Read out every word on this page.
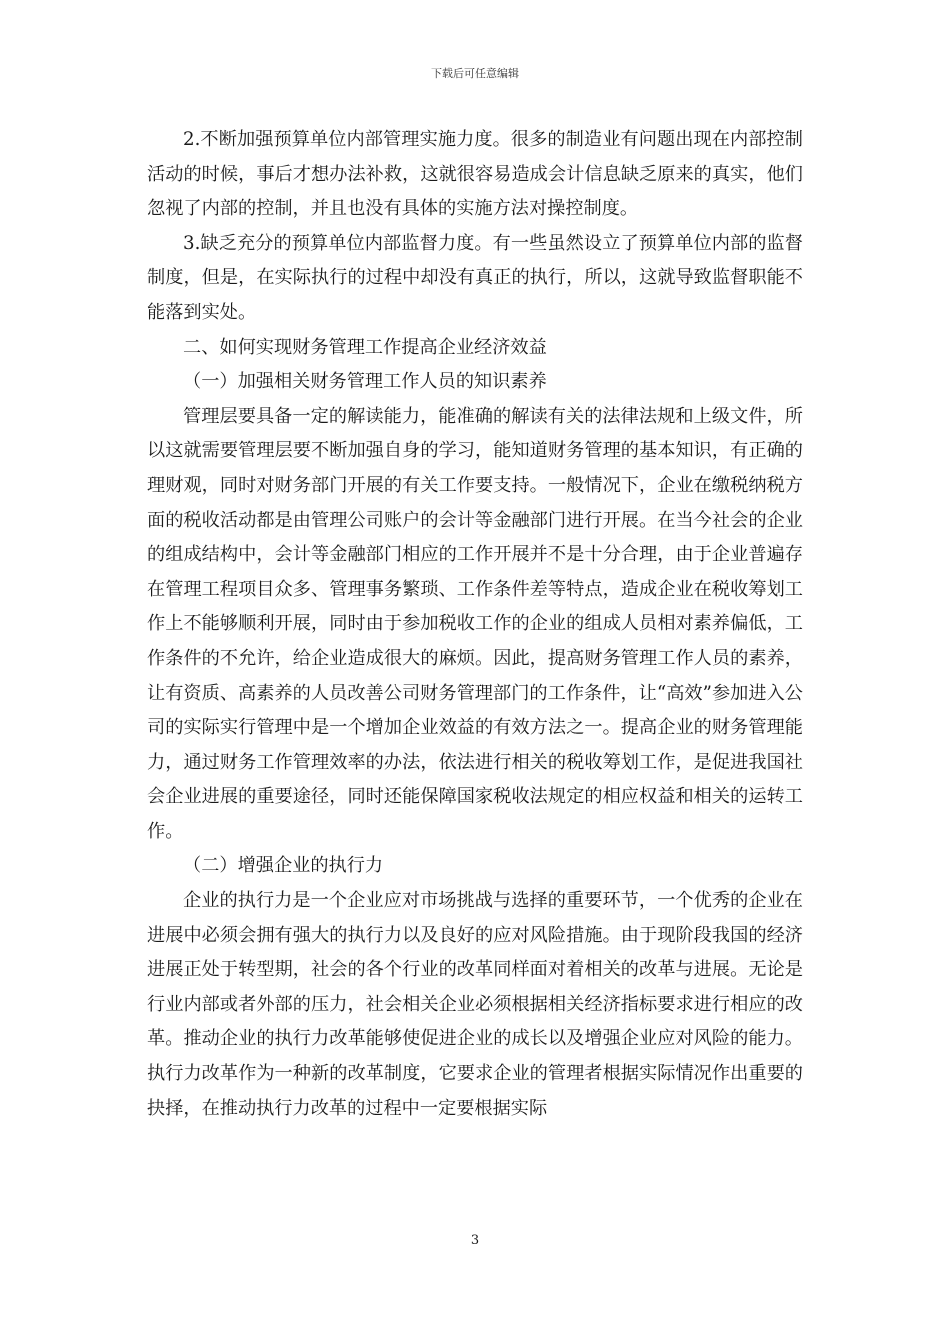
下载后可任意编辑

2.不断加强预算单位内部管理实施力度。很多的制造业有问题出现在内部控制活动的时候，事后才想办法补救，这就很容易造成会计信息缺乏原来的真实，他们忽视了内部的控制，并且也没有具体的实施方法对操控制度。

3.缺乏充分的预算单位内部监督力度。有一些虽然设立了预算单位内部的监督制度，但是，在实际执行的过程中却没有真正的执行，所以，这就导致监督职能不能落到实处。

二、如何实现财务管理工作提高企业经济效益

（一）加强相关财务管理工作人员的知识素养

管理层要具备一定的解读能力，能准确的解读有关的法律法规和上级文件，所以这就需要管理层要不断加强自身的学习，能知道财务管理的基本知识，有正确的理财观，同时对财务部门开展的有关工作要支持。一般情况下，企业在缴税纳税方面的税收活动都是由管理公司账户的会计等金融部门进行开展。在当今社会的企业的组成结构中，会计等金融部门相应的工作开展并不是十分合理，由于企业普遍存在管理工程项目众多、管理事务繁琐、工作条件差等特点，造成企业在税收筹划工作上不能够顺利开展，同时由于参加税收工作的企业的组成人员相对素养偏低，工作条件的不允许，给企业造成很大的麻烦。因此，提高财务管理工作人员的素养，让有资质、高素养的人员改善公司财务管理部门的工作条件，让“高效”参加进入公司的实际实行管理中是一个增加企业效益的有效方法之一。提高企业的财务管理能力，通过财务工作管理效率的办法，依法进行相关的税收筹划工作，是促进我国社会企业进展的重要途径，同时还能保障国家税收法规定的相应权益和相关的运转工作。

（二）增强企业的执行力

企业的执行力是一个企业应对市场挑战与选择的重要环节，一个优秀的企业在进展中必须会拥有强大的执行力以及良好的应对风险措施。由于现阶段我国的经济进展正处于转型期，社会的各个行业的改革同样面对着相关的改革与进展。无论是行业内部或者外部的压力，社会相关企业必须根据相关经济指标要求进行相应的改革。推动企业的执行力改革能够使促进企业的成长以及增强企业应对风险的能力。执行力改革作为一种新的改革制度，它要求企业的管理者根据实际情况作出重要的抉择，在推动执行力改革的过程中一定要根据实际

3
